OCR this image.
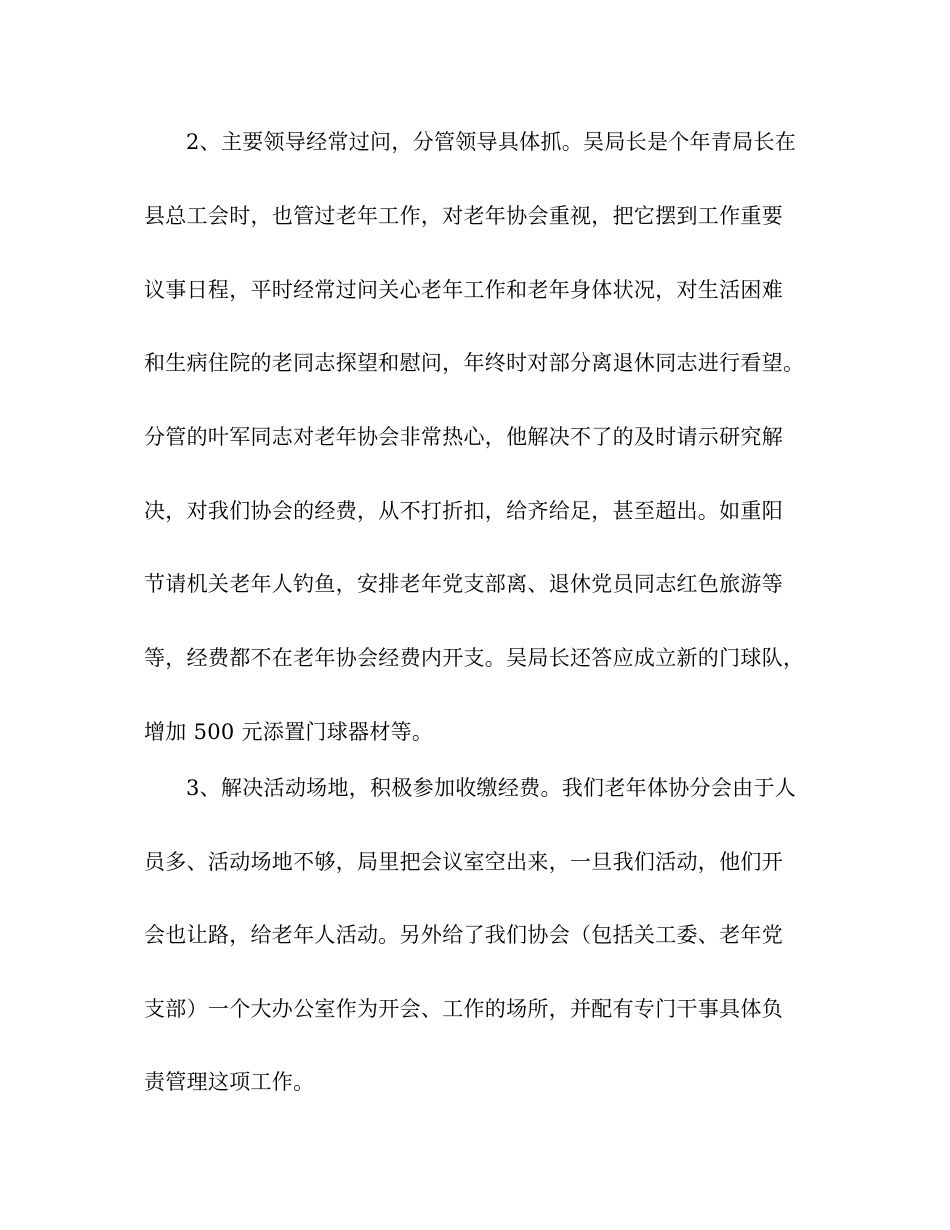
2、主要领导经常过问，分管领导具体抓。吴局长是个年青局长在

县总工会时，也管过老年工作，对老年协会重视，把它摆到工作重要

议事日程，平时经常过问关心老年工作和老年身体状况，对生活困难

和生病住院的老同志探望和慰问，年终时对部分离退休同志进行看望。

分管的叶军同志对老年协会非常热心，他解决不了的及时请示研究解

决，对我们协会的经费，从不打折扣，给齐给足，甚至超出。如重阳

节请机关老年人钓鱼，安排老年党支部离、退休党员同志红色旅游等

等，经费都不在老年协会经费内开支。吴局长还答应成立新的门球队，

增加 500 元添置门球器材等。

3、解决活动场地，积极参加收缴经费。我们老年体协分会由于人

员多、活动场地不够，局里把会议室空出来，一旦我们活动，他们开

会也让路，给老年人活动。另外给了我们协会（包括关工委、老年党

支部）一个大办公室作为开会、工作的场所，并配有专门干事具体负

责管理这项工作。
